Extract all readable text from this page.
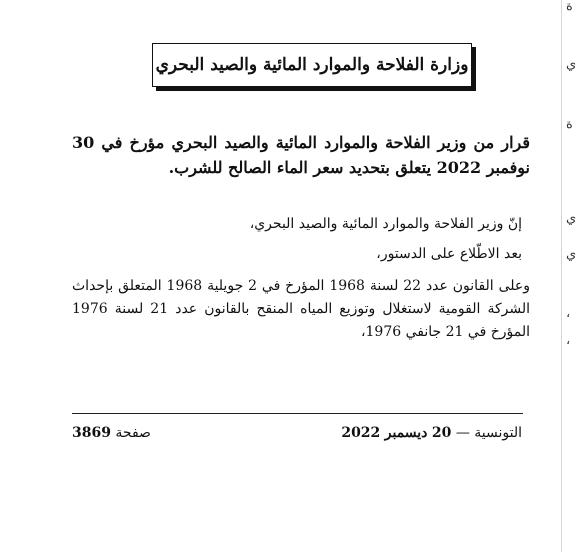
ة
ي
ة
ي
ي
،
،
وزارة الفلاحة والموارد المائية والصيد البحري
قرار من وزير الفلاحة والموارد المائية والصيد البحري مؤرخ في 30 نوفمبر 2022 يتعلق بتحديد سعر الماء الصالح للشرب.
إنّ وزير الفلاحة والموارد المائية والصيد البحري،
بعد الاطّلاع على الدستور،
وعلى القانون عدد 22 لسنة 1968 المؤرخ في 2 جويلية 1968 المتعلق بإحداث الشركة القومية لاستغلال وتوزيع المياه المنقح بالقانون عدد 21 لسنة 1976 المؤرخ في 21 جانفي 1976،
التونسية — 20 ديسمبر 2022
صفحة 3869
